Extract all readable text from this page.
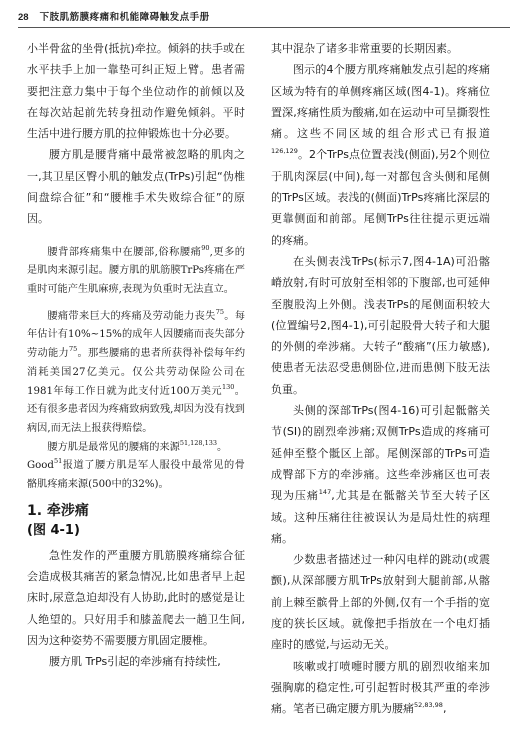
28 下肢肌筋膜疼痛和机能障碍触发点手册

小半骨盆的坐骨(抵抗)牵拉。倾斜的扶手或在水平扶手上加一靠垫可纠正短上臂。患者需要把注意力集中于每个坐位动作的前倾以及在每次站起前先转身扭动作避免倾斜。平时生活中进行腰方肌的拉伸锻炼也十分必要。

腰方肌是腰背痛中最常被忽略的肌肉之一,其卫星区臀小肌的触发点(TrPs)引起“伪椎间盘综合征”和“腰椎手术失败综合征”的原因。

腰背部疼痛集中在腰部,俗称腰痛$^{90}$,更多的是肌肉来源引起。腰方肌的肌筋膜TrPs疼痛在严重时可能产生肌麻痹,表现为负重时无法直立。

腰痛带来巨大的疼痛及劳动能力丧失$^{75}$。每年估计有10%~15%的成年人因腰痛而丧失部分劳动能力$^{75}$。那些腰痛的患者所获得补偿每年约消耗美国27亿美元。仅公共劳动保险公司在1981年每工作日就为此支付近100万美元$^{130}$。还有很多患者因为疼痛致病致残,却因为没有找到病因,而无法上报获得赔偿。

腰方肌是最常见的腰痛的来源$^{51,128,133}$。

Good$^{51}$报道了腰方肌是军人服役中最常见的骨骼肌疼痛来源(500中的32%)。

1. 牵涉痛
(图 4-1)

急性发作的严重腰方肌筋膜疼痛综合征会造成极其痛苦的紧急情况,比如患者早上起床时,尿意急迫却没有人协助,此时的感觉是让人绝望的。只好用手和膝盖爬去一趟卫生间,因为这种姿势不需要腰方肌固定腰椎。

腰方肌 TrPs引起的牵涉痛有持续性,

其中混杂了诸多非常重要的长期因素。

图示的4个腰方肌疼痛触发点引起的疼痛区域为特有的单侧疼痛区域(图4-1)。疼痛位置深,疼痛性质为酸痛,如在运动中可呈撕裂性痛。这些不同区域的组合形式已有报道$^{126,129}$。2个TrPs点位置表浅(侧面),另2个则位于肌肉深层(中间),每一对都包含头侧和尾侧的TrPs区域。表浅的(侧面)TrPs疼痛比深层的更靠侧面和前部。尾侧TrPs往往提示更远端的疼痛。

在头侧表浅TrPs(标示7,图4-1A)可沿髂嵴放射,有时可放射至相邻的下腹部,也可延伸至腹股沟上外侧。浅表TrPs的尾侧面积较大(位置编号2,图4-1),可引起股骨大转子和大腿的外侧的牵涉痛。大转子“酸痛”(压力敏感),使患者无法忍受患侧卧位,进而患侧下肢无法负重。

头侧的深部TrPs(图4-16)可引起骶髂关节(SI)的剧烈牵涉痛;双侧TrPs造成的疼痛可延伸至整个骶区上部。尾侧深部的TrPs可造成臀部下方的牵涉痛。这些牵涉痛区也可表现为压痛$^{147}$,尤其是在骶髂关节至大转子区域。这种压痛往往被误认为是局灶性的病理痛。

少数患者描述过一种闪电样的跳动(或震颤),从深部腰方肌TrPs放射到大腿前部,从髂前上棘至髌骨上部的外侧,仅有一个手指的宽度的狭长区域。就像把手指放在一个电灯插座时的感觉,与运动无关。

咳嗽或打喷嚏时腰方肌的剧烈收缩来加强胸廓的稳定性,可引起暂时极其严重的牵涉痛。笔者已确定腰方肌为腰痛$^{52,83,98}$,
